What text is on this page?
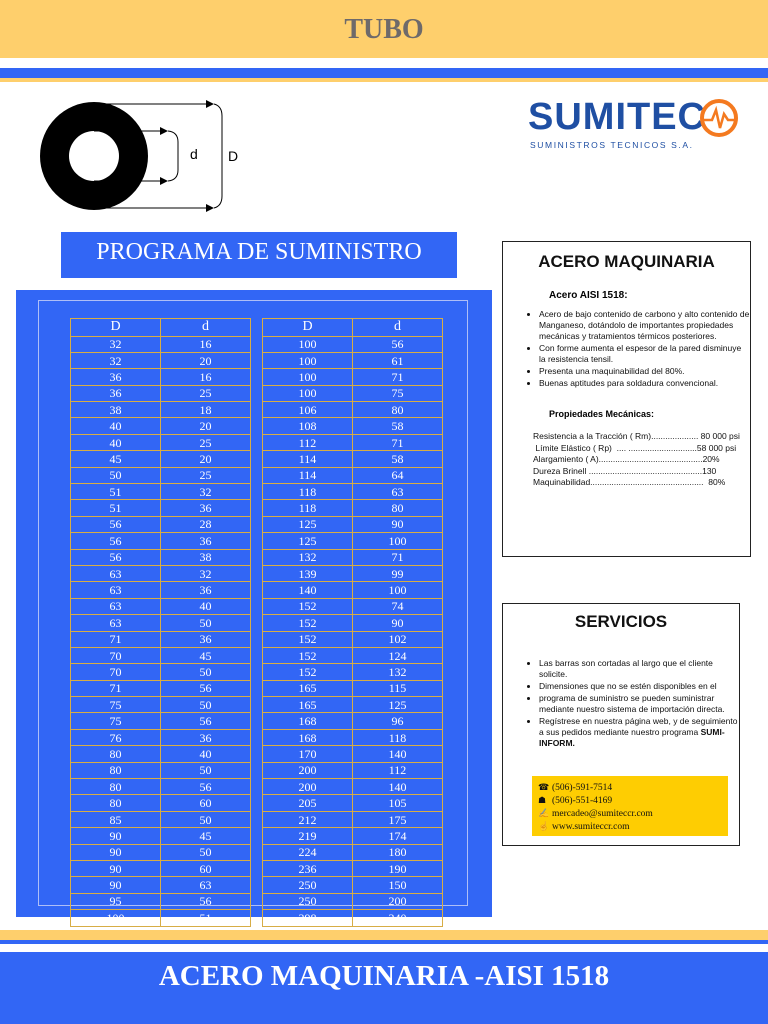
TUBO
d D
SUMITEC
SUMINISTROS TECNICOS S.A.
PROGRAMA DE SUMINISTRO
D	d
32	16
32	20
36	16
36	25
38	18
40	20
40	25
45	20
50	25
51	32
51	36
56	28
56	36
56	38
63	32
63	36
63	40
63	50
71	36
70	45
70	50
71	56
75	50
75	56
76	36
80	40
80	50
80	56
80	60
85	50
90	45
90	50
90	60
90	63
95	56
100	51
D	d
100	56
100	61
100	71
100	75
106	80
108	58
112	71
114	58
114	64
118	63
118	80
125	90
125	100
132	71
139	99
140	100
152	74
152	90
152	102
152	124
152	132
165	115
165	125
168	96
168	118
170	140
200	112
200	140
205	105
212	175
219	174
224	180
236	190
250	150
250	200
298	240
ACERO MAQUINARIA
Acero AISI 1518:
• Acero de bajo contenido de carbono y alto contenido de Manganeso, dotándolo de importantes propiedades mecánicas y tratamientos térmicos posteriores.
• Con forme aumenta el espesor de la pared disminuye la resistencia tensil.
• Presenta una maquinabilidad del 80%.
• Buenas aptitudes para soldadura convencional.
Propiedades Mecánicas:
Resistencia a la Tracción ( Rm).................... 80 000 psi
Límite Elástico ( Rp)  .... .............................58 000 psi
Alargamiento ( A)............................................20%
Dureza Brinell ................................................130
Maquinabilidad................................................  80%
SERVICIOS
• Las barras son cortadas al largo que el cliente solicite.
• Dimensiones que no se estén disponibles en el
• programa de suministro se pueden suministrar mediante nuestro sistema de importación directa.
• Regístrese en nuestra página web, y de seguimiento a sus pedidos mediante nuestro programa SUMI-INFORM.
☎ (506)-591-7514
☗ (506)-551-4169
✍ mercadeo@sumiteccr.com
☝ www.sumiteccr.com
ACERO MAQUINARIA -AISI 1518
